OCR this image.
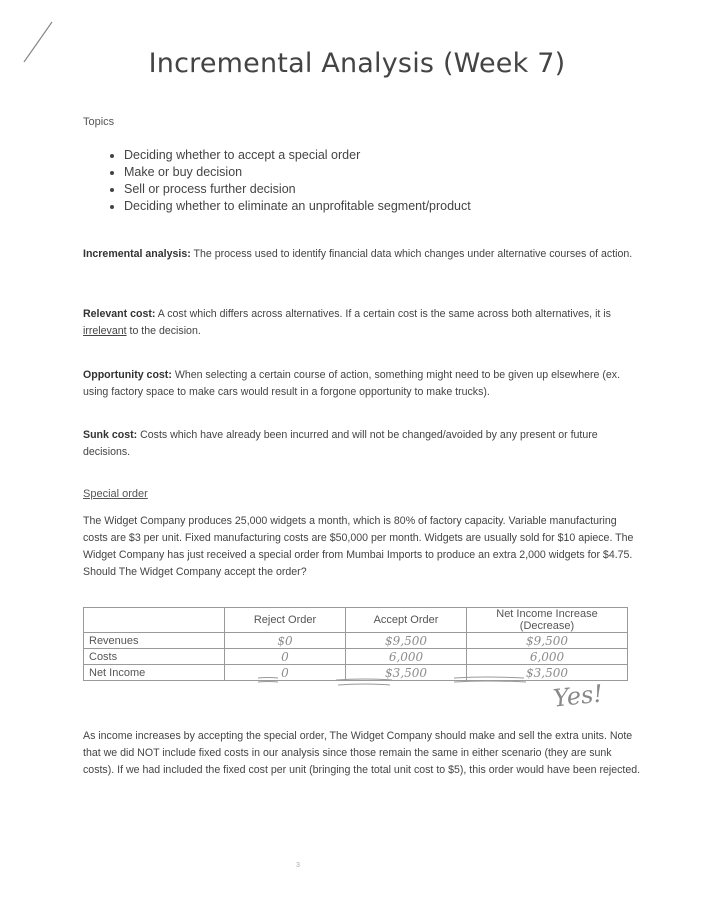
Incremental Analysis (Week 7)
Topics
• Deciding whether to accept a special order
• Make or buy decision
• Sell or process further decision
• Deciding whether to eliminate an unprofitable segment/product
Incremental analysis: The process used to identify financial data which changes under alternative courses of action.
Relevant cost: A cost which differs across alternatives. If a certain cost is the same across both alternatives, it is irrelevant to the decision.
Opportunity cost: When selecting a certain course of action, something might need to be given up elsewhere (ex. using factory space to make cars would result in a forgone opportunity to make trucks).
Sunk cost: Costs which have already been incurred and will not be changed/avoided by any present or future decisions.
Special order
The Widget Company produces 25,000 widgets a month, which is 80% of factory capacity. Variable manufacturing costs are $3 per unit. Fixed manufacturing costs are $50,000 per month. Widgets are usually sold for $10 apiece. The Widget Company has just received a special order from Mumbai Imports to produce an extra 2,000 widgets for $4.75. Should The Widget Company accept the order?
	Reject Order	Accept Order	Net Income Increase (Decrease)
Revenues	$0	$9,500	$9,500
Costs	0	6,000	6,000
Net Income	0	$3,500	$3,500
Yes!
As income increases by accepting the special order, The Widget Company should make and sell the extra units. Note that we did NOT include fixed costs in our analysis since those remain the same in either scenario (they are sunk costs). If we had included the fixed cost per unit (bringing the total unit cost to $5), this order would have been rejected.
3
